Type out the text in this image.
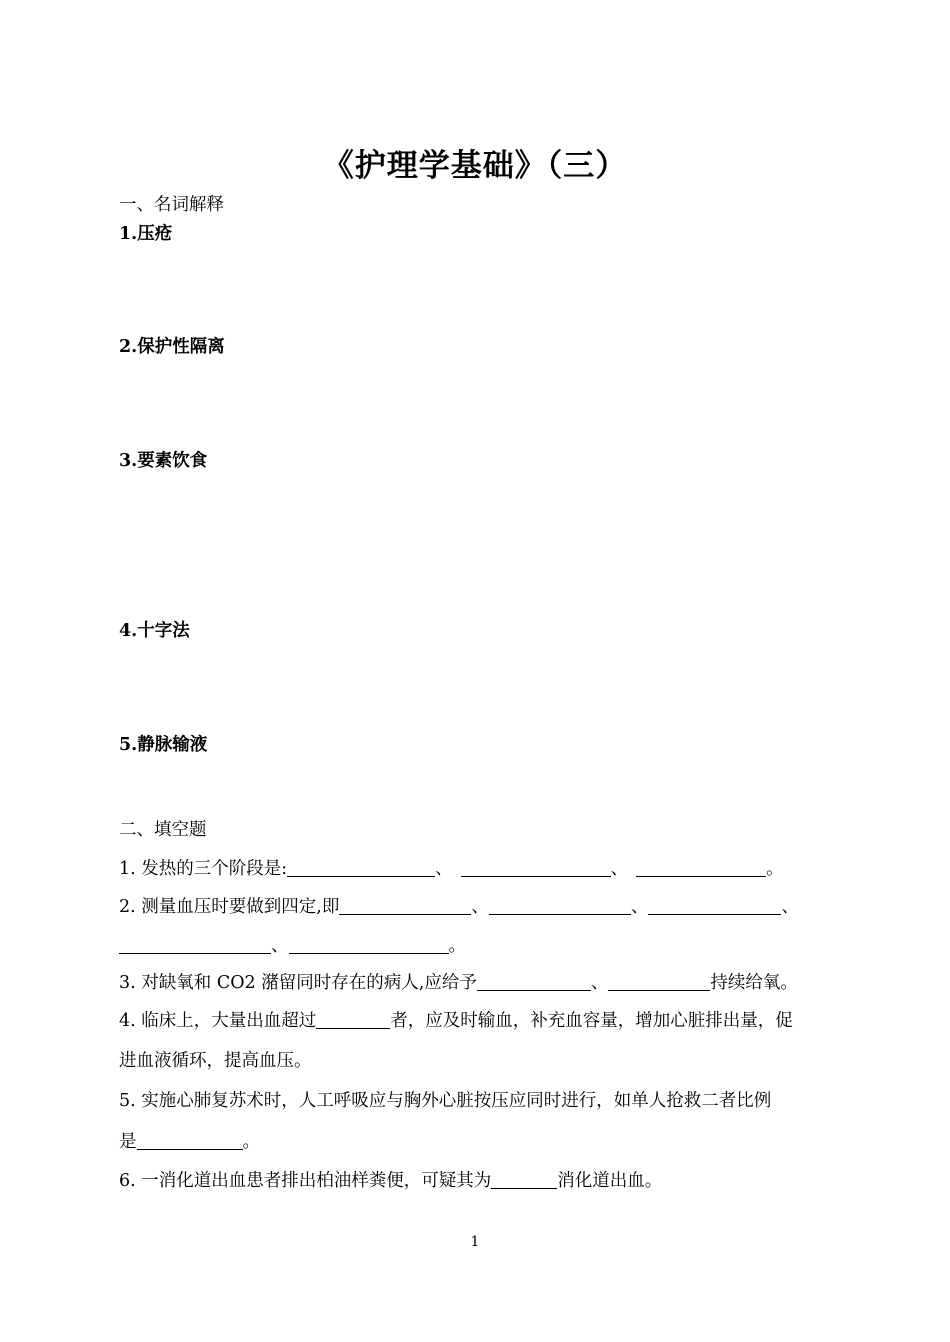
《护理学基础》（三）
一、名词解释
1.压疮
2.保护性隔离
3.要素饮食
4.十字法
5.静脉输液
二、填空题
1. 发热的三个阶段是:	、	、	。
2. 测量血压时要做到四定,即	、	、	、
、	。
3. 对缺氧和 CO2 潴留同时存在的病人,应给予	、	持续给氧。
4. 临床上，大量出血超过	者，应及时输血，补充血容量，增加心脏排出量，促
进血液循环，提高血压。
5. 实施心肺复苏术时，人工呼吸应与胸外心脏按压应同时进行，如单人抢救二者比例
是	。
6. 一消化道出血患者排出柏油样粪便，可疑其为	消化道出血。
1
